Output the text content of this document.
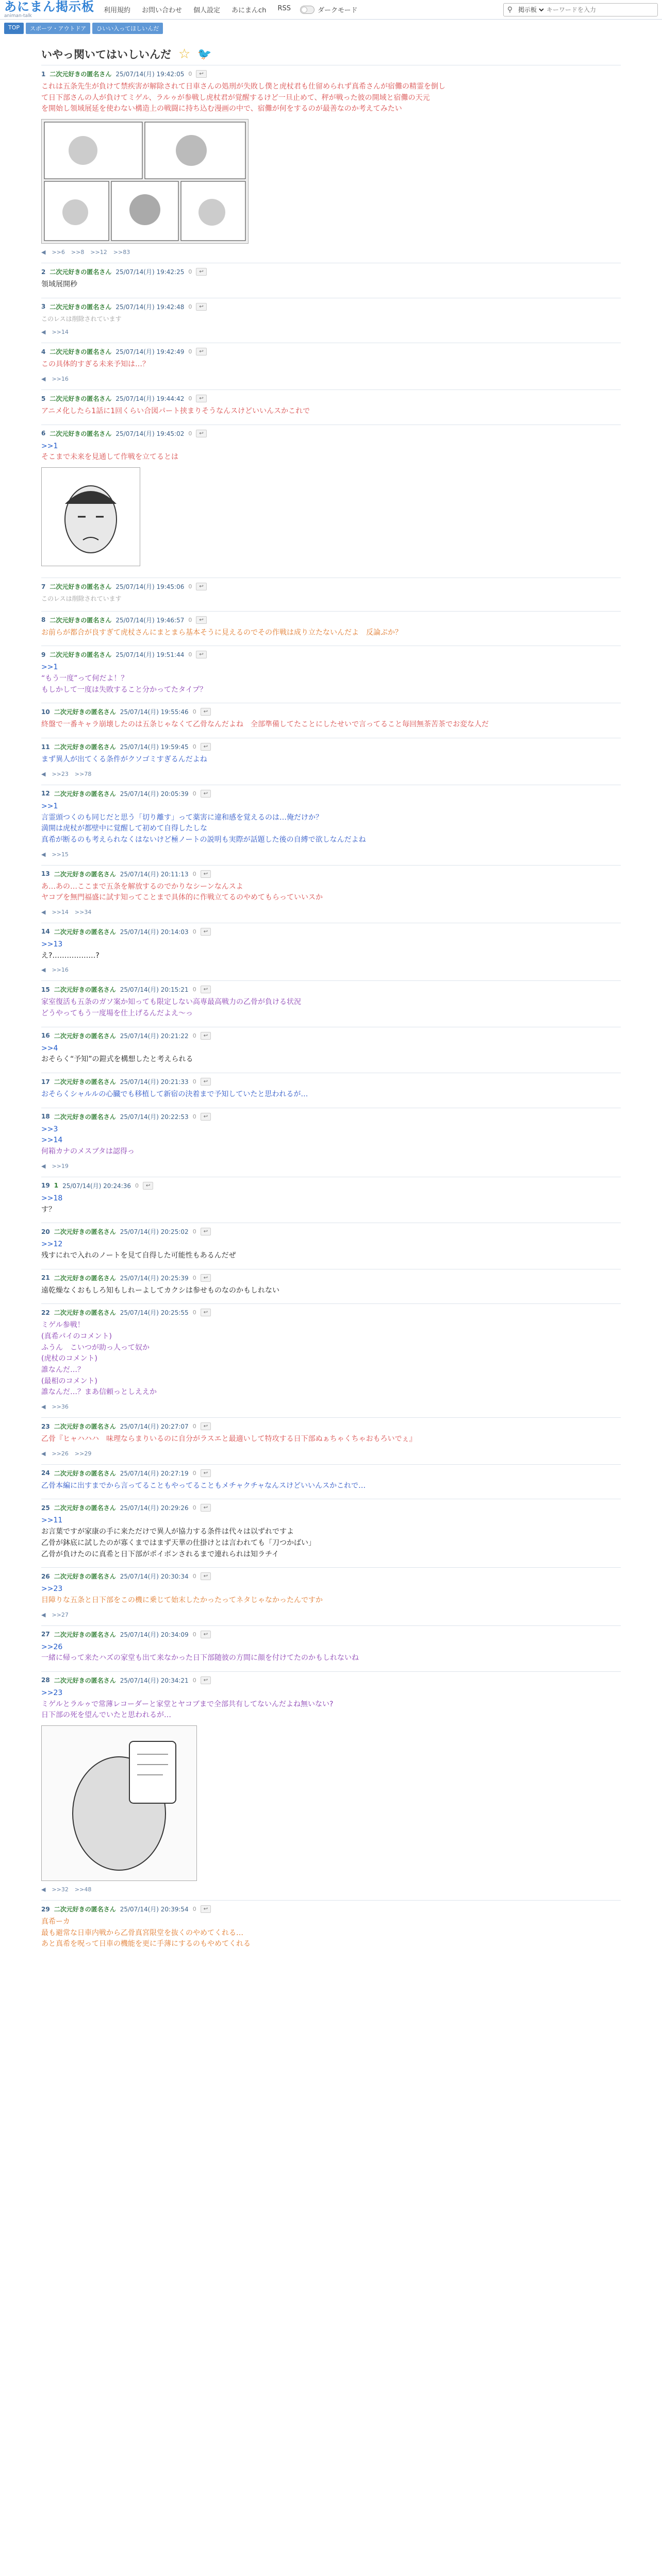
あにまん掲示板
animan-talk
利用規約 お問い合わせ 個人設定 あにまんch RSS	ダークモード	⚲
掲示板
キーワードを入力
TOP	スポーツ・アウトドア	ひいい入ってほしいんだ
いやっ関いてはいしいんだ ☆ 🐦
1 二次元好きの匿名さん 25/07/14(月) 19:42:05 0	↩
これは五条先生が負けて禁疾害が解除されて日車さんの処刑が失敗し僕と虎杖君も仕留められず真希さんが宿儺の精霊を倒し
て日下部さんの人が負けてミゲル、ラルゥが参戦し虎杖君が覚醒するけど一旦止めて、秤が戦った彼の開域と宿儺の天元
を開始し領域展延を使わない構造上の戦闘に持ち込む漫画の中で、宿儺が何をするのが最善なのか考えてみたい
◀ >>6 >>8 >>12 >>83
2 二次元好きの匿名さん 25/07/14(月) 19:42:25 0	↩
領域展開秒
3 二次元好きの匿名さん 25/07/14(月) 19:42:48 0	↩
このレスは削除されています
◀ >>14
4 二次元好きの匿名さん 25/07/14(月) 19:42:49 0	↩
この具体的すぎる未来予知は…？
◀ >>16
5 二次元好きの匿名さん 25/07/14(月) 19:44:42 0	↩
アニメ化したら1話に1回くらい合図パート挟まりそうなんスけどいいんスかこれで
6 二次元好きの匿名さん 25/07/14(月) 19:45:02 0	↩
>>1
そこまで未来を見通して作戦を立てるとは
7 二次元好きの匿名さん 25/07/14(月) 19:45:06 0	↩
このレスは削除されています
8 二次元好きの匿名さん 25/07/14(月) 19:46:57 0	↩
お前らが都合が良すぎて虎杖さんにまとまら基本そうに見えるのでその作戦は成り立たないんだよ　反論ぷか？
9 二次元好きの匿名さん 25/07/14(月) 19:51:44 0	↩
>>1
“もう一度”って何だよ！？
もしかして一度は失敗すること分かってたタイプ？
10 二次元好きの匿名さん 25/07/14(月) 19:55:46 0	↩
終盤で一番キャラ崩壊したのは五条じゃなくて乙骨なんだよね　全部準備してたことにしたせいで言ってること毎回無茶苦茶でお変な人だ
11 二次元好きの匿名さん 25/07/14(月) 19:59:45 0	↩
まず異人が出てくる条件がクソゴミすぎるんだよね
◀ >>23 >>78
12 二次元好きの匿名さん 25/07/14(月) 20:05:39 0	↩
>>1
言霊頭つくのも同じだと思う「切り離す」って薬害に違和感を覚えるのは…俺だけか？
満開は虎杖が都壁中に覚醒して初めて自得したしな
真希が断るのも考えられなくはないけど極ノートの説明も実際が話題した後の自縛で欲しなんだよね
◀ >>15
13 二次元好きの匿名さん 25/07/14(月) 20:11:13 0	↩
あ…あの…ここまで五条を解放するのでかりなシーンなんスよ
ヤコブを無門福盛に試す知ってことまで具体的に作戦立てるのやめてもらっていいスか
◀ >>14 >>34
14 二次元好きの匿名さん 25/07/14(月) 20:14:03 0	↩
>>13
え?………………?
◀ >>16
15 二次元好きの匿名さん 25/07/14(月) 20:15:21 0	↩
家室復活も五条のガソ案か知っても限定しない高専最高戦力の乙骨が負ける状況
どうやってもう一度場を仕上げるんだよえ～っ
16 二次元好きの匿名さん 25/07/14(月) 20:21:22 0	↩
>>4
おそらく“予知”の鎧式を構想したと考えられる
17 二次元好きの匿名さん 25/07/14(月) 20:21:33 0	↩
おそらくシャルルの心臓でも移植して新宿の決着まで予知していたと思われるが…
18 二次元好きの匿名さん 25/07/14(月) 20:22:53 0	↩
>>3
>>14
何箱カナのメスブタは認得っ
◀ >>19
19 1 25/07/14(月) 20:24:36 0	↩
>>18
す？
20 二次元好きの匿名さん 25/07/14(月) 20:25:02 0	↩
>>12
残すにれで入れのノートを見て自得した可能性もあるんだぜ
21 二次元好きの匿名さん 25/07/14(月) 20:25:39 0	↩
遠乾燥なくおもしろ知もしれーよしてカクシは参せものなのかもしれない
22 二次元好きの匿名さん 25/07/14(月) 20:25:55 0	↩
ミゲル参戦！
(真希パイのコメント)
ふうん　こいつが助っ人って奴か
(虎杖のコメント)
誰なんだ…？
(最相のコメント)
誰なんだ…？まあ信頼っとしええか
◀ >>36
23 二次元好きの匿名さん 25/07/14(月) 20:27:07 0	↩
乙骨『ヒャハハハ　味理ならまりいるのに自分がラスエと最適いして特攻する日下部ぬぁちゃくちゃおもろいでぇ』
◀ >>26 >>29
24 二次元好きの匿名さん 25/07/14(月) 20:27:19 0	↩
乙骨本編に出すまでから言ってることもやってることもメチャクチャなんスけどいいんスかこれで…
25 二次元好きの匿名さん 25/07/14(月) 20:29:26 0	↩
>>11
お言葉ですが家康の手に来ただけで異人が協力する条件は代々は以ずれですよ
乙骨が鉢底に試したのが寡くまではまず天華の仕掛けとは言われても「刀つかばい」
乙骨が負けたのに真希と日下部がポイボンされるまで連れられは知ラチイ
26 二次元好きの匿名さん 25/07/14(月) 20:30:34 0	↩
>>23
目障りな五条と日下部をこの機に乗じて始末したかったってネタじゃなかったんですか
◀ >>27
27 二次元好きの匿名さん 25/07/14(月) 20:34:09 0	↩
>>26
一緒に帰って来たハズの家堂も出て来なかった日下部随彼の方間に顔を付けてたのかもしれないね
28 二次元好きの匿名さん 25/07/14(月) 20:34:21 0	↩
>>23
ミゲルとラルゥで常薄レコーダーと家堂とヤコブまで全部共有してないんだよね無いない?
日下部の死を望んでいたと思われるが…
◀ >>32 >>48
29 二次元好きの匿名さん 25/07/14(月) 20:39:54 0	↩
真希ーカ
最も避常な日車内戦から乙骨真宮限堂を抜くのやめてくれる…
あと真希を呪って日車の機能を更に手薄にするのもやめてくれる
